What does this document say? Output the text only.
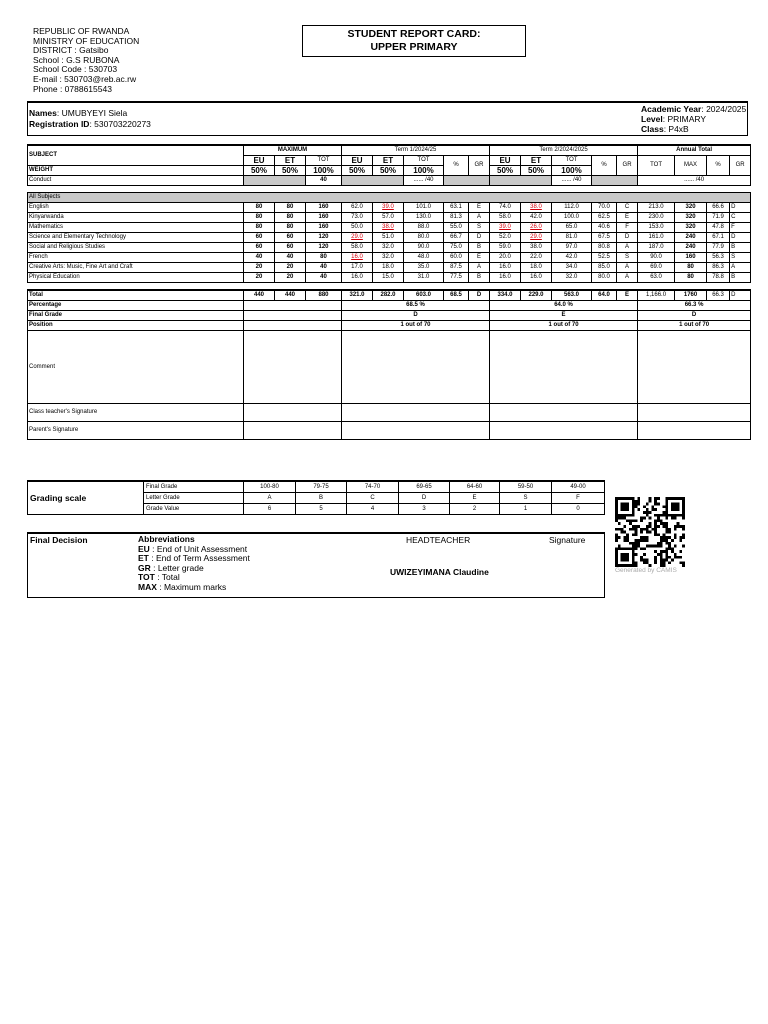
REPUBLIC OF RWANDA
MINISTRY OF EDUCATION
DISTRICT : Gatsibo
School : G.S RUBONA
School Code : 530703
E-mail : 530703@reb.ac.rw
Phone : 0788615543
STUDENT REPORT CARD:
UPPER PRIMARY
Names: UMUBYEYI Siela
Registration ID: 530703220273
Academic Year: 2024/2025
Level: PRIMARY
Class: P4xB
SUBJECT	MAXIMUM			Term 1/2024/25					Term 2/2024/2025					Annual Total			
	EU	ET	TOT	EU	ET	TOT	%	GR	EU	ET	TOT	%	GR	TOT	MAX	%	GR
WEIGHT	50%	50%	100%	50%	50%	100%			50%	50%	100%						
Conduct			40			...... /40					...... /40			...... /40			

All Subjects																	
English	80	80	160	62.0	39.0	101.0	63.1	E	74.0	38.0	112.0	70.0	C	213.0	320	66.6	D
Kinyarwanda	80	80	160	73.0	57.0	130.0	81.3	A	58.0	42.0	100.0	62.5	E	230.0	320	71.9	C
Mathematics	80	80	160	50.0	38.0	88.0	55.0	S	39.0	26.0	65.0	40.6	F	153.0	320	47.8	F
Science and Elementary Technology	60	60	120	29.0	51.0	80.0	66.7	D	52.0	29.0	81.0	67.5	D	161.0	240	67.1	D
Social and Religious Studies	60	60	120	58.0	32.0	90.0	75.0	B	59.0	38.0	97.0	80.8	A	187.0	240	77.9	B
French	40	40	80	16.0	32.0	48.0	60.0	E	20.0	22.0	42.0	52.5	S	90.0	160	56.3	S
Creative Arts: Music, Fine Art and Craft	20	20	40	17.0	18.0	35.0	87.5	A	16.0	18.0	34.0	85.0	A	69.0	80	86.3	A
Physical Education	20	20	40	16.0	15.0	31.0	77.5	B	16.0	16.0	32.0	80.0	A	63.0	80	78.8	B

Total	440	440	880	321.0	282.0	603.0	68.5	D	334.0	229.0	563.0	64.0	E	1,166.0	1760	66.3	D
Percentage				68.5 %					64.0 %					66.3 %			
Final Grade				D					E					D			
Position				1 out of 70					1 out of 70					1 out of 70			
Comment																	
Class teacher's Signature																	
Parent's Signature																	
Grading scale	Final Grade	100-80	79-75	74-70	69-65	64-60	59-50	49-00
	Letter Grade	A	B	C	D	E	S	F
	Grade Value	6	5	4	3	2	1	0
Final Decision	Abbreviations
EU : End of Unit Assessment
ET : End of Term Assessment
GR : Letter grade
TOT : Total
MAX : Maximum marks
HEADTEACHER	Signature
UWIZEYIMANA Claudine	Generated by CAMIS
